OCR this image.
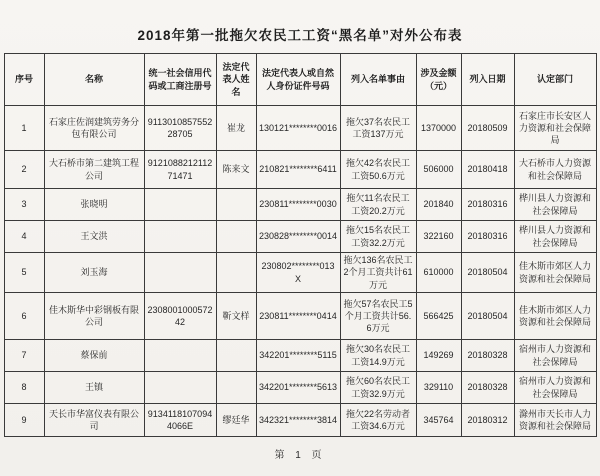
2018年第一批拖欠农民工工资“黑名单”对外公布表
序号	名称	统一社会信用代码或工商注册号	法定代表人姓名	法定代表人或自然人身份证件号码	列入名单事由	涉及金额（元）	列入日期	认定部门
1	石家庄佐润建筑劳务分包有限公司	911301085755228705	崔龙	130121********0016	拖欠37名农民工工资137万元	1370000	20180509	石家庄市长安区人力资源和社会保障局
2	大石桥市第二建筑工程公司	912108821211271471	陈来文	210821********6411	拖欠42名农民工工资50.6万元	506000	20180418	大石桥市人力资源和社会保障局
3	张晓明			230811********0030	拖欠11名农民工工资20.2万元	201840	20180316	桦川县人力资源和社会保障局
4	王文洪			230828********0014	拖欠15名农民工工资32.2万元	322160	20180316	桦川县人力资源和社会保障局
5	刘玉海			230802********013X	拖欠136名农民工2个月工资共计61万元	610000	20180504	佳木斯市郊区人力资源和社会保障局
6	佳木斯华中彩钢板有限公司	230800100057242	靳文样	230811********0414	拖欠57名农民工5个月工资共计56.6万元	566425	20180504	佳木斯市郊区人力资源和社会保障局
7	蔡保前			342201********5115	拖欠30名农民工工资14.9万元	149269	20180328	宿州市人力资源和社会保障局
8	王镇			342201********5613	拖欠60名农民工工资32.9万元	329110	20180328	宿州市人力资源和社会保障局
9	天长市华富仪表有限公司	91341181070944066E	缪廷华	342321********3814	拖欠22名劳动者工资34.6万元	345764	20180312	滁州市天长市人力资源和社会保障局
第 1 页
